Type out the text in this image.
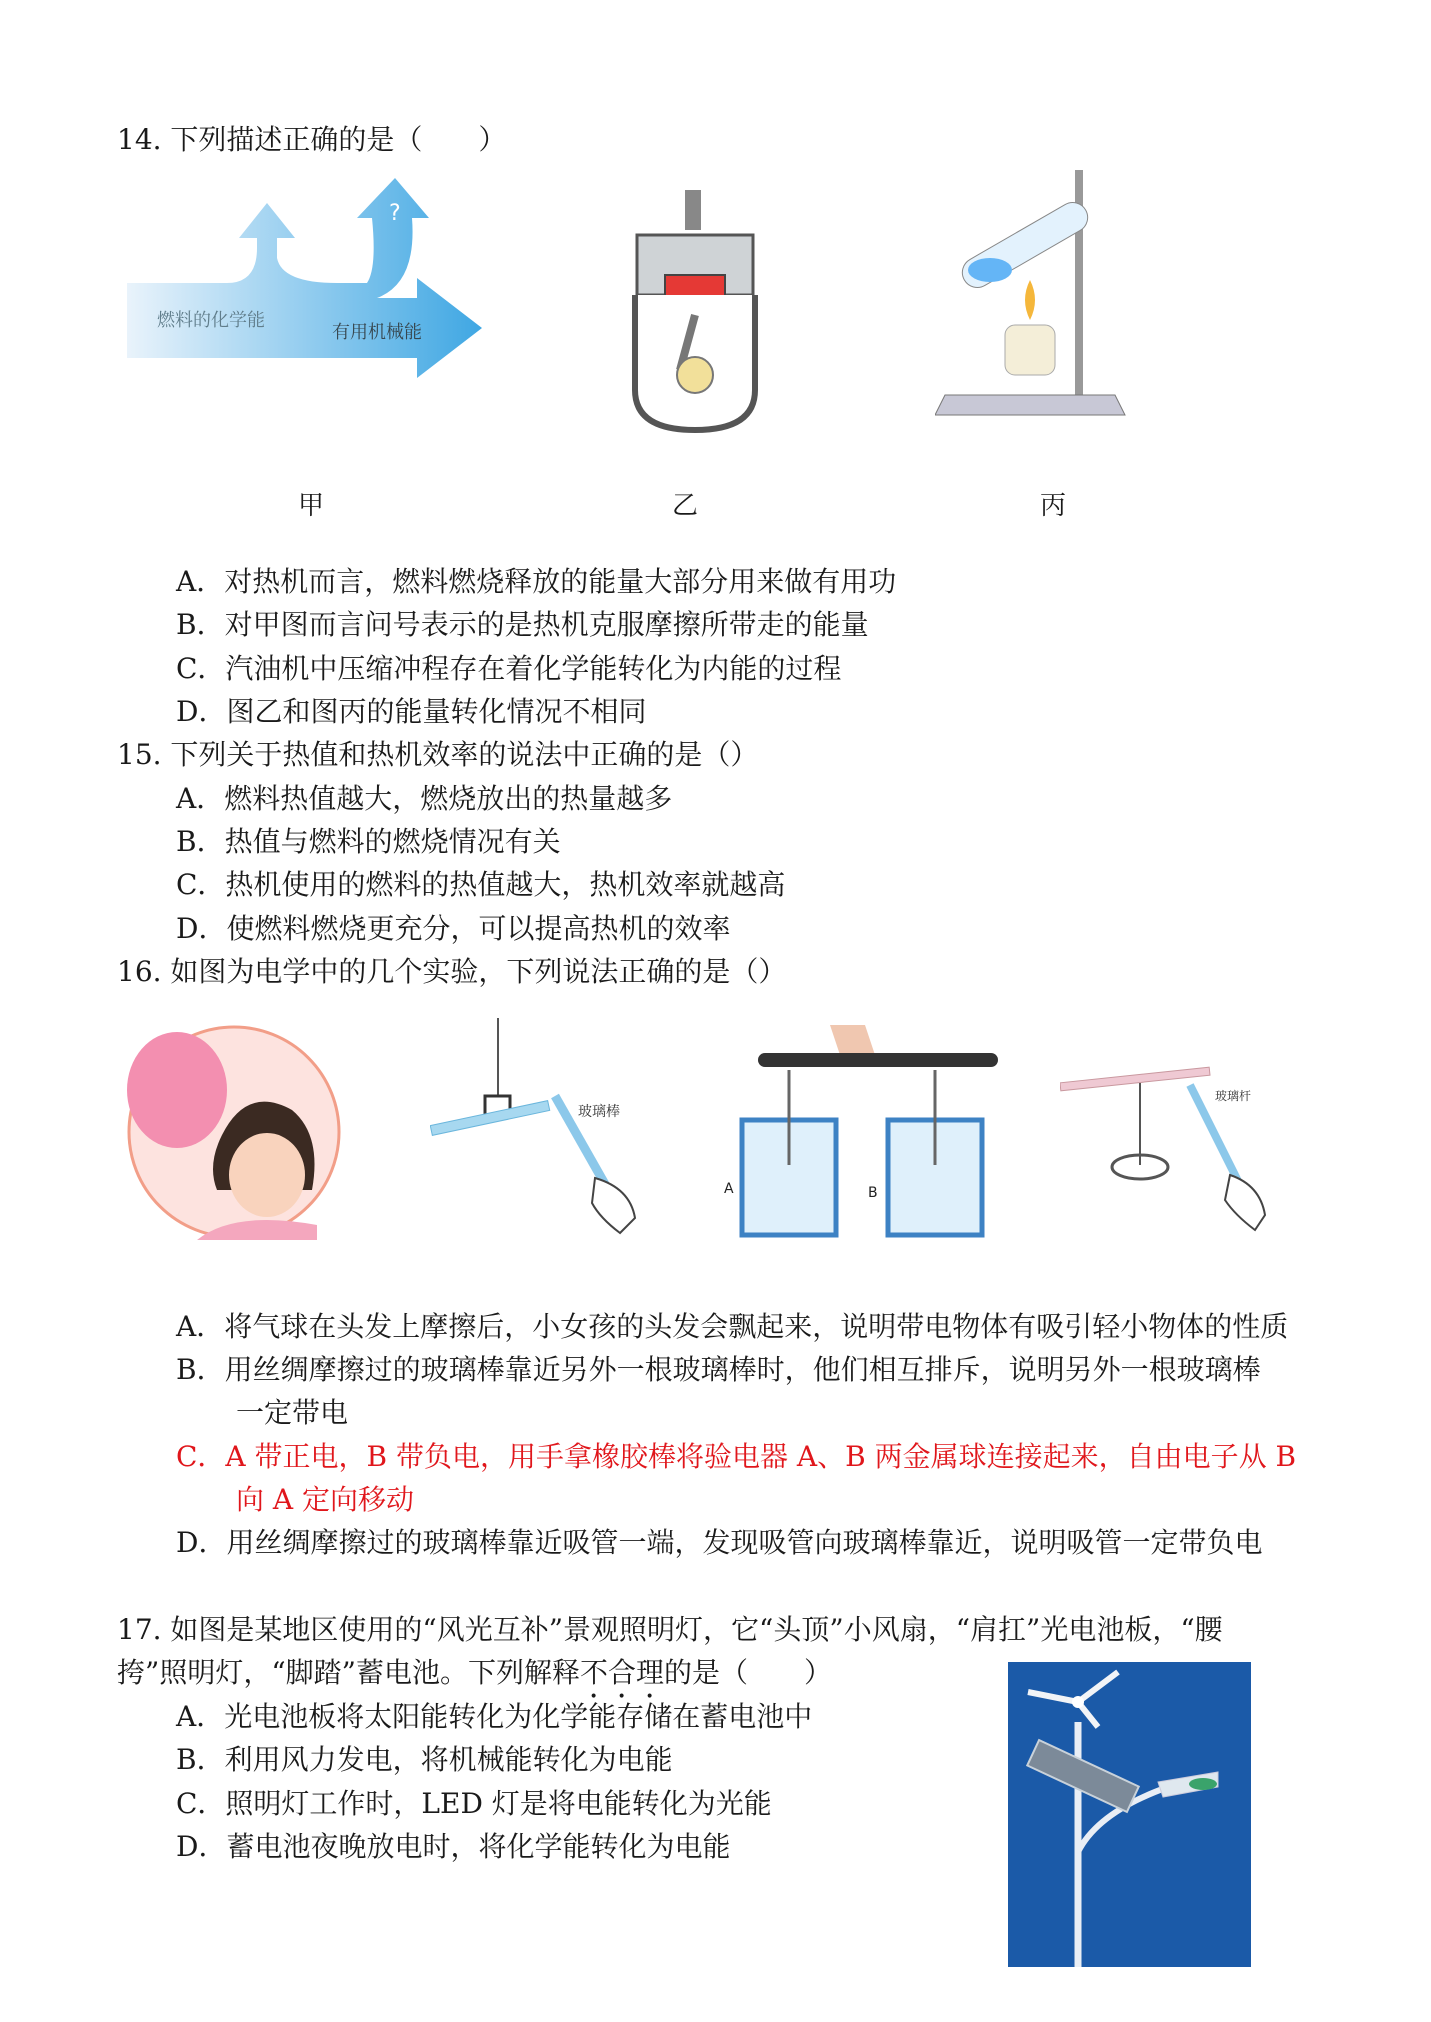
14. 下列描述正确的是（　　）
燃料的化学能
有用机械能
?
甲	乙	丙
A．对热机而言，燃料燃烧释放的能量大部分用来做有用功
B．对甲图而言问号表示的是热机克服摩擦所带走的能量
C．汽油机中压缩冲程存在着化学能转化为内能的过程
D．图乙和图丙的能量转化情况不相同
15. 下列关于热值和热机效率的说法中正确的是（）
A．燃料热值越大，燃烧放出的热量越多
B．热值与燃料的燃烧情况有关
C．热机使用的燃料的热值越大，热机效率就越高
D．使燃料燃烧更充分，可以提高热机的效率
16. 如图为电学中的几个实验，下列说法正确的是（）
玻璃棒
A	B
玻璃杆
A．将气球在头发上摩擦后，小女孩的头发会飘起来，说明带电物体有吸引轻小物体的性质
B．用丝绸摩擦过的玻璃棒靠近另外一根玻璃棒时，他们相互排斥，说明另外一根玻璃棒
一定带电
C．A 带正电，B 带负电，用手拿橡胶棒将验电器 A、B 两金属球连接起来，自由电子从 B
向 A 定向移动
D．用丝绸摩擦过的玻璃棒靠近吸管一端，发现吸管向玻璃棒靠近，说明吸管一定带负电
17. 如图是某地区使用的“风光互补”景观照明灯，它“头顶”小风扇，“肩扛”光电池板，“腰
挎”照明灯，“脚踏”蓄电池。下列解释不合理的是（　　）
A．光电池板将太阳能转化为化学能存储在蓄电池中
B．利用风力发电，将机械能转化为电能
C．照明灯工作时，LED 灯是将电能转化为光能
D．蓄电池夜晚放电时，将化学能转化为电能
